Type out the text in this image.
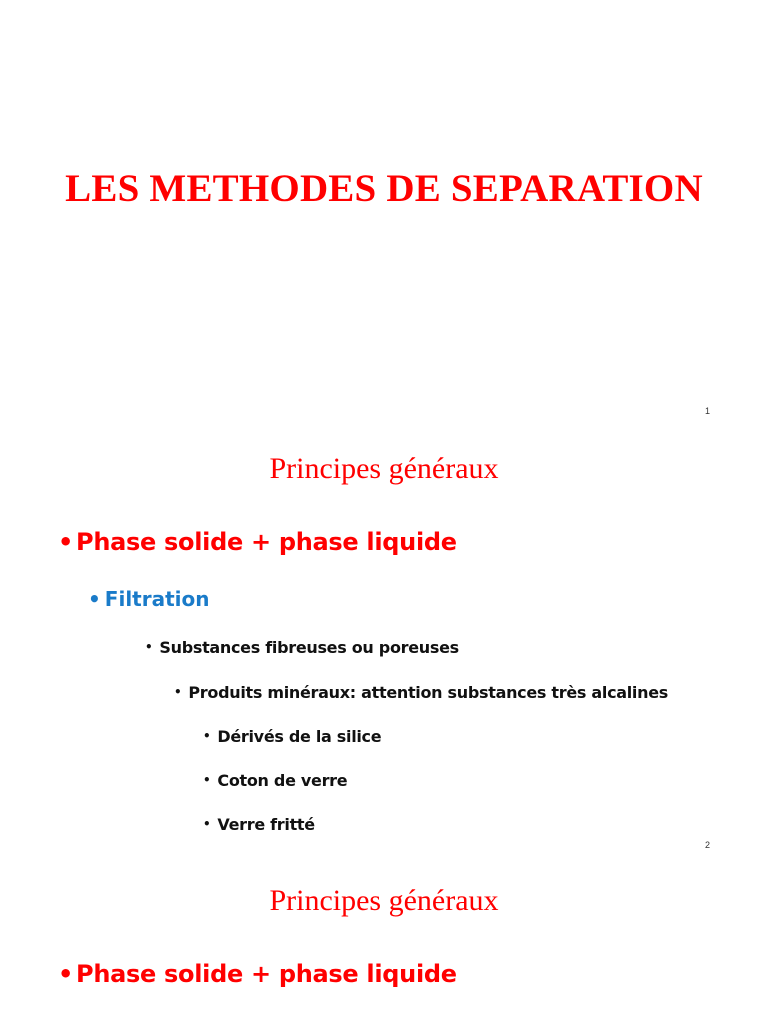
LES METHODES DE SEPARATION
1
Principes généraux
• Phase solide + phase liquide
• Filtration
• Substances fibreuses ou poreuses
• Produits minéraux: attention substances très alcalines
• Dérivés de la silice
• Coton de verre
• Verre fritté
2
Principes généraux
• Phase solide + phase liquide
